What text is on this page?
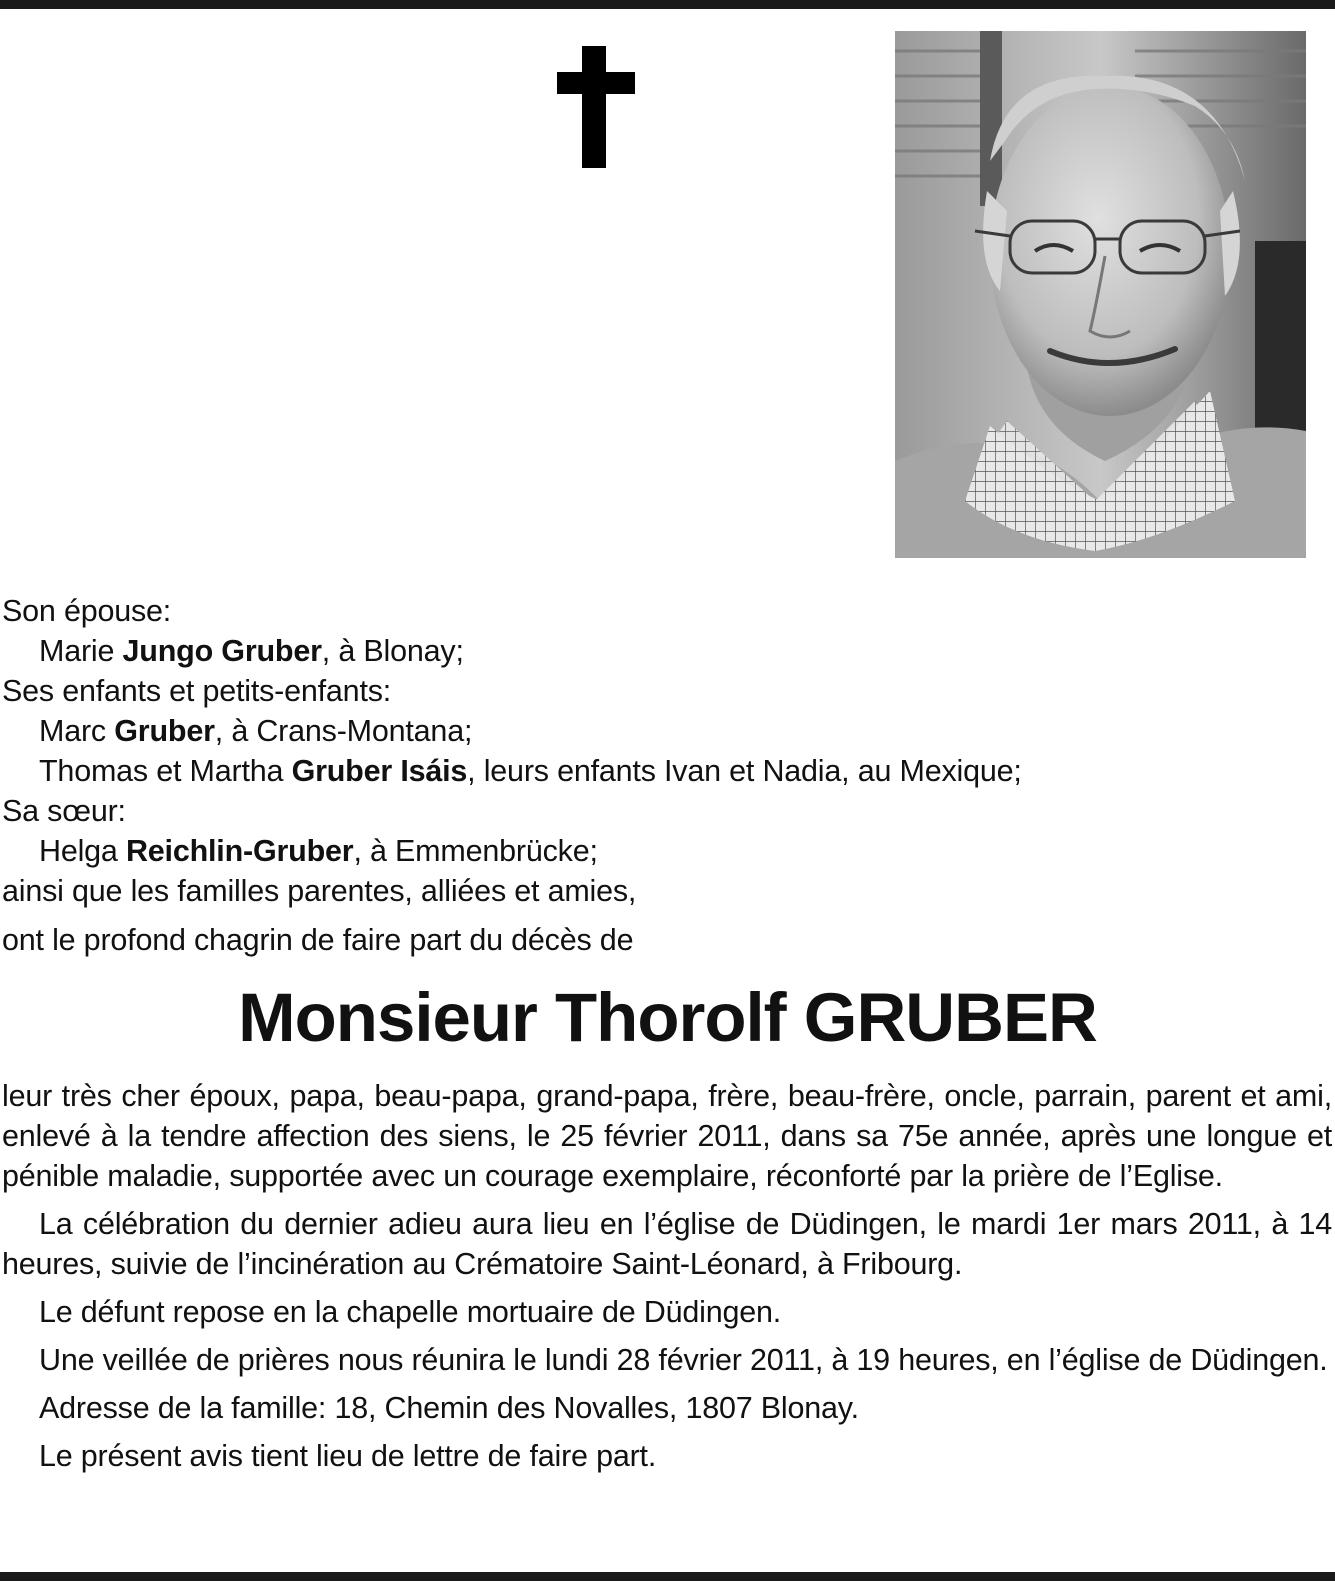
Son épouse:
Marie Jungo Gruber, à Blonay;
Ses enfants et petits-enfants:
Marc Gruber, à Crans-Montana;
Thomas et Martha Gruber Isáis, leurs enfants Ivan et Nadia, au Mexique;
Sa sœur:
Helga Reichlin-Gruber, à Emmenbrücke;
ainsi que les familles parentes, alliées et amies,
ont le profond chagrin de faire part du décès de
Monsieur Thorolf GRUBER

leur très cher époux, papa, beau-papa, grand-papa, frère, beau-frère, oncle, parrain, parent et ami, enlevé à la tendre affection des siens, le 25 février 2011, dans sa 75e année, après une longue et pénible maladie, supportée avec un courage exemplaire, réconforté par la prière de l’Eglise.

La célébration du dernier adieu aura lieu en l’église de Düdingen, le mardi 1er mars 2011, à 14 heures, suivie de l’incinération au Crématoire Saint-Léonard, à Fribourg.

Le défunt repose en la chapelle mortuaire de Düdingen.

Une veillée de prières nous réunira le lundi 28 février 2011, à 19 heures, en l’église de Düdingen.

Adresse de la famille: 18, Chemin des Novalles, 1807 Blonay.

Le présent avis tient lieu de lettre de faire part.
